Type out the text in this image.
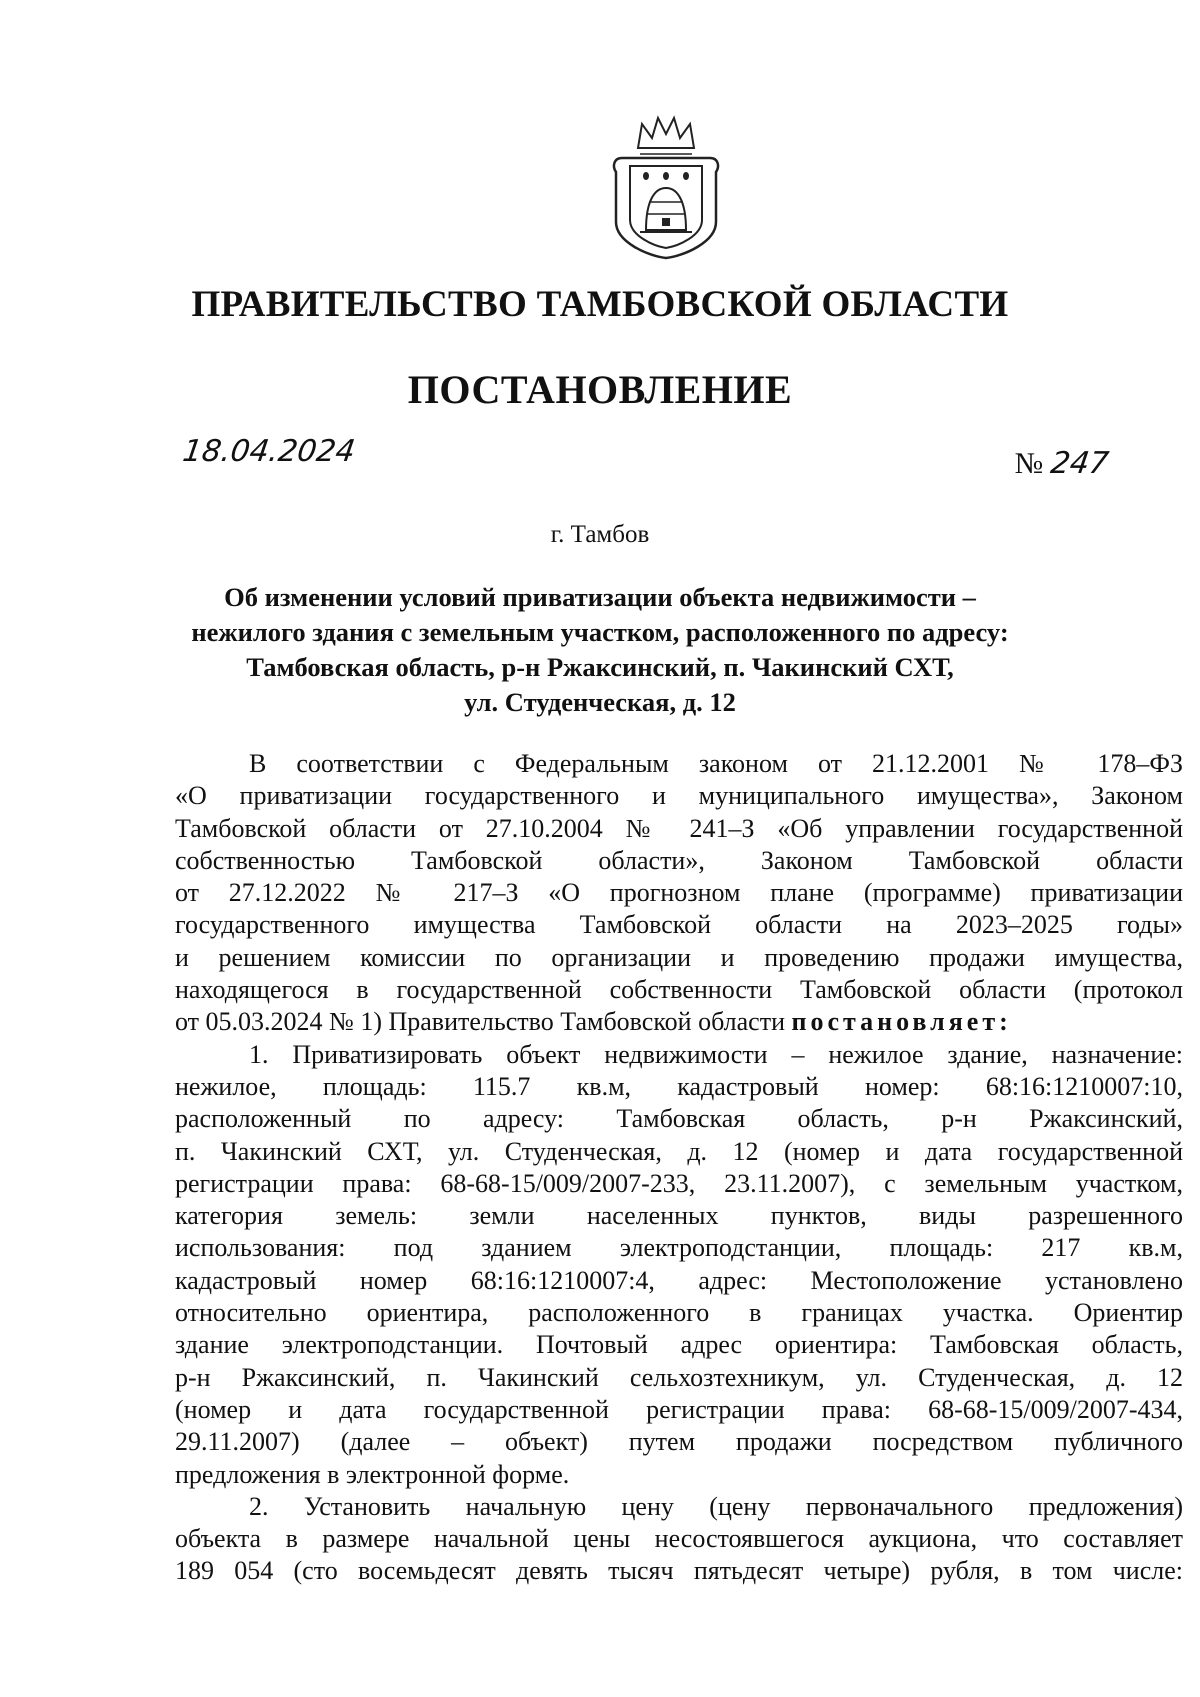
ПРАВИТЕЛЬСТВО ТАМБОВСКОЙ ОБЛАСТИ
ПОСТАНОВЛЕНИЕ
18.04.2024	№ 247
г. Тамбов
Об изменении условий приватизации объекта недвижимости –
нежилого здания с земельным участком, расположенного по адресу:
Тамбовская область, р-н Ржаксинский, п. Чакинский СХТ,
ул. Студенческая, д. 12
В соответствии с Федеральным законом от 21.12.2001 № 178–ФЗ
«О приватизации государственного и муниципального имущества», Законом
Тамбовской области от 27.10.2004 № 241–З «Об управлении государственной
собственностью Тамбовской области», Законом Тамбовской области
от 27.12.2022 № 217–З «О прогнозном плане (программе) приватизации
государственного имущества Тамбовской области на 2023–2025 годы»
и решением комиссии по организации и проведению продажи имущества,
находящегося в государственной собственности Тамбовской области (протокол
от 05.03.2024 № 1) Правительство Тамбовской области постановляет:
1. Приватизировать объект недвижимости – нежилое здание, назначение:
нежилое, площадь: 115.7 кв.м, кадастровый номер: 68:16:1210007:10,
расположенный по адресу: Тамбовская область, р-н Ржаксинский,
п. Чакинский СХТ, ул. Студенческая, д. 12 (номер и дата государственной
регистрации права: 68-68-15/009/2007-233, 23.11.2007), с земельным участком,
категория земель: земли населенных пунктов, виды разрешенного
использования: под зданием электроподстанции, площадь: 217 кв.м,
кадастровый номер 68:16:1210007:4, адрес: Местоположение установлено
относительно ориентира, расположенного в границах участка. Ориентир
здание электроподстанции. Почтовый адрес ориентира: Тамбовская область,
р-н Ржаксинский, п. Чакинский сельхозтехникум, ул. Студенческая, д. 12
(номер и дата государственной регистрации права: 68-68-15/009/2007-434,
29.11.2007) (далее – объект) путем продажи посредством публичного
предложения в электронной форме.
2. Установить начальную цену (цену первоначального предложения)
объекта в размере начальной цены несостоявшегося аукциона, что составляет
189 054 (сто восемьдесят девять тысяч пятьдесят четыре) рубля, в том числе:
